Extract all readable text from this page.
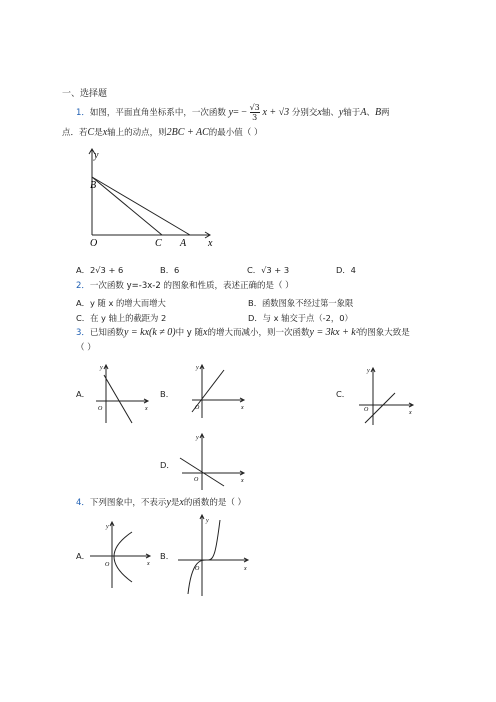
一、选择题
1．如图，平面直角坐标系中，一次函数 $y= - \frac{√3}{3}$ x + √3 分别交x轴、y轴于A、B两
点．若C是x轴上的动点，则2BC + AC的最小值（ ）
y
B
O	C A x
A．2√3 + 6	B．6	C．√3 + 3	D．4
2．一次函数 y=-3x-2 的图象和性质，表述正确的是（ ）
A．y 随 x 的增大而增大	B．函数图象不经过第一象限
C．在 y 轴上的截距为 2	D．与 x 轴交于点（-2，0）
3．已知函数y = kx(k ≠ 0)中 y 随x的增大而减小，则一次函数y = 3kx + k²的图象大致是
（ ）
A．
y
x
O
B．
y
x
O
C．
y
x
O
D．
y
x
O
4．下列图象中，不表示y是x的函数的是（ ）
A．
y
x
O
B．
y
x
O
